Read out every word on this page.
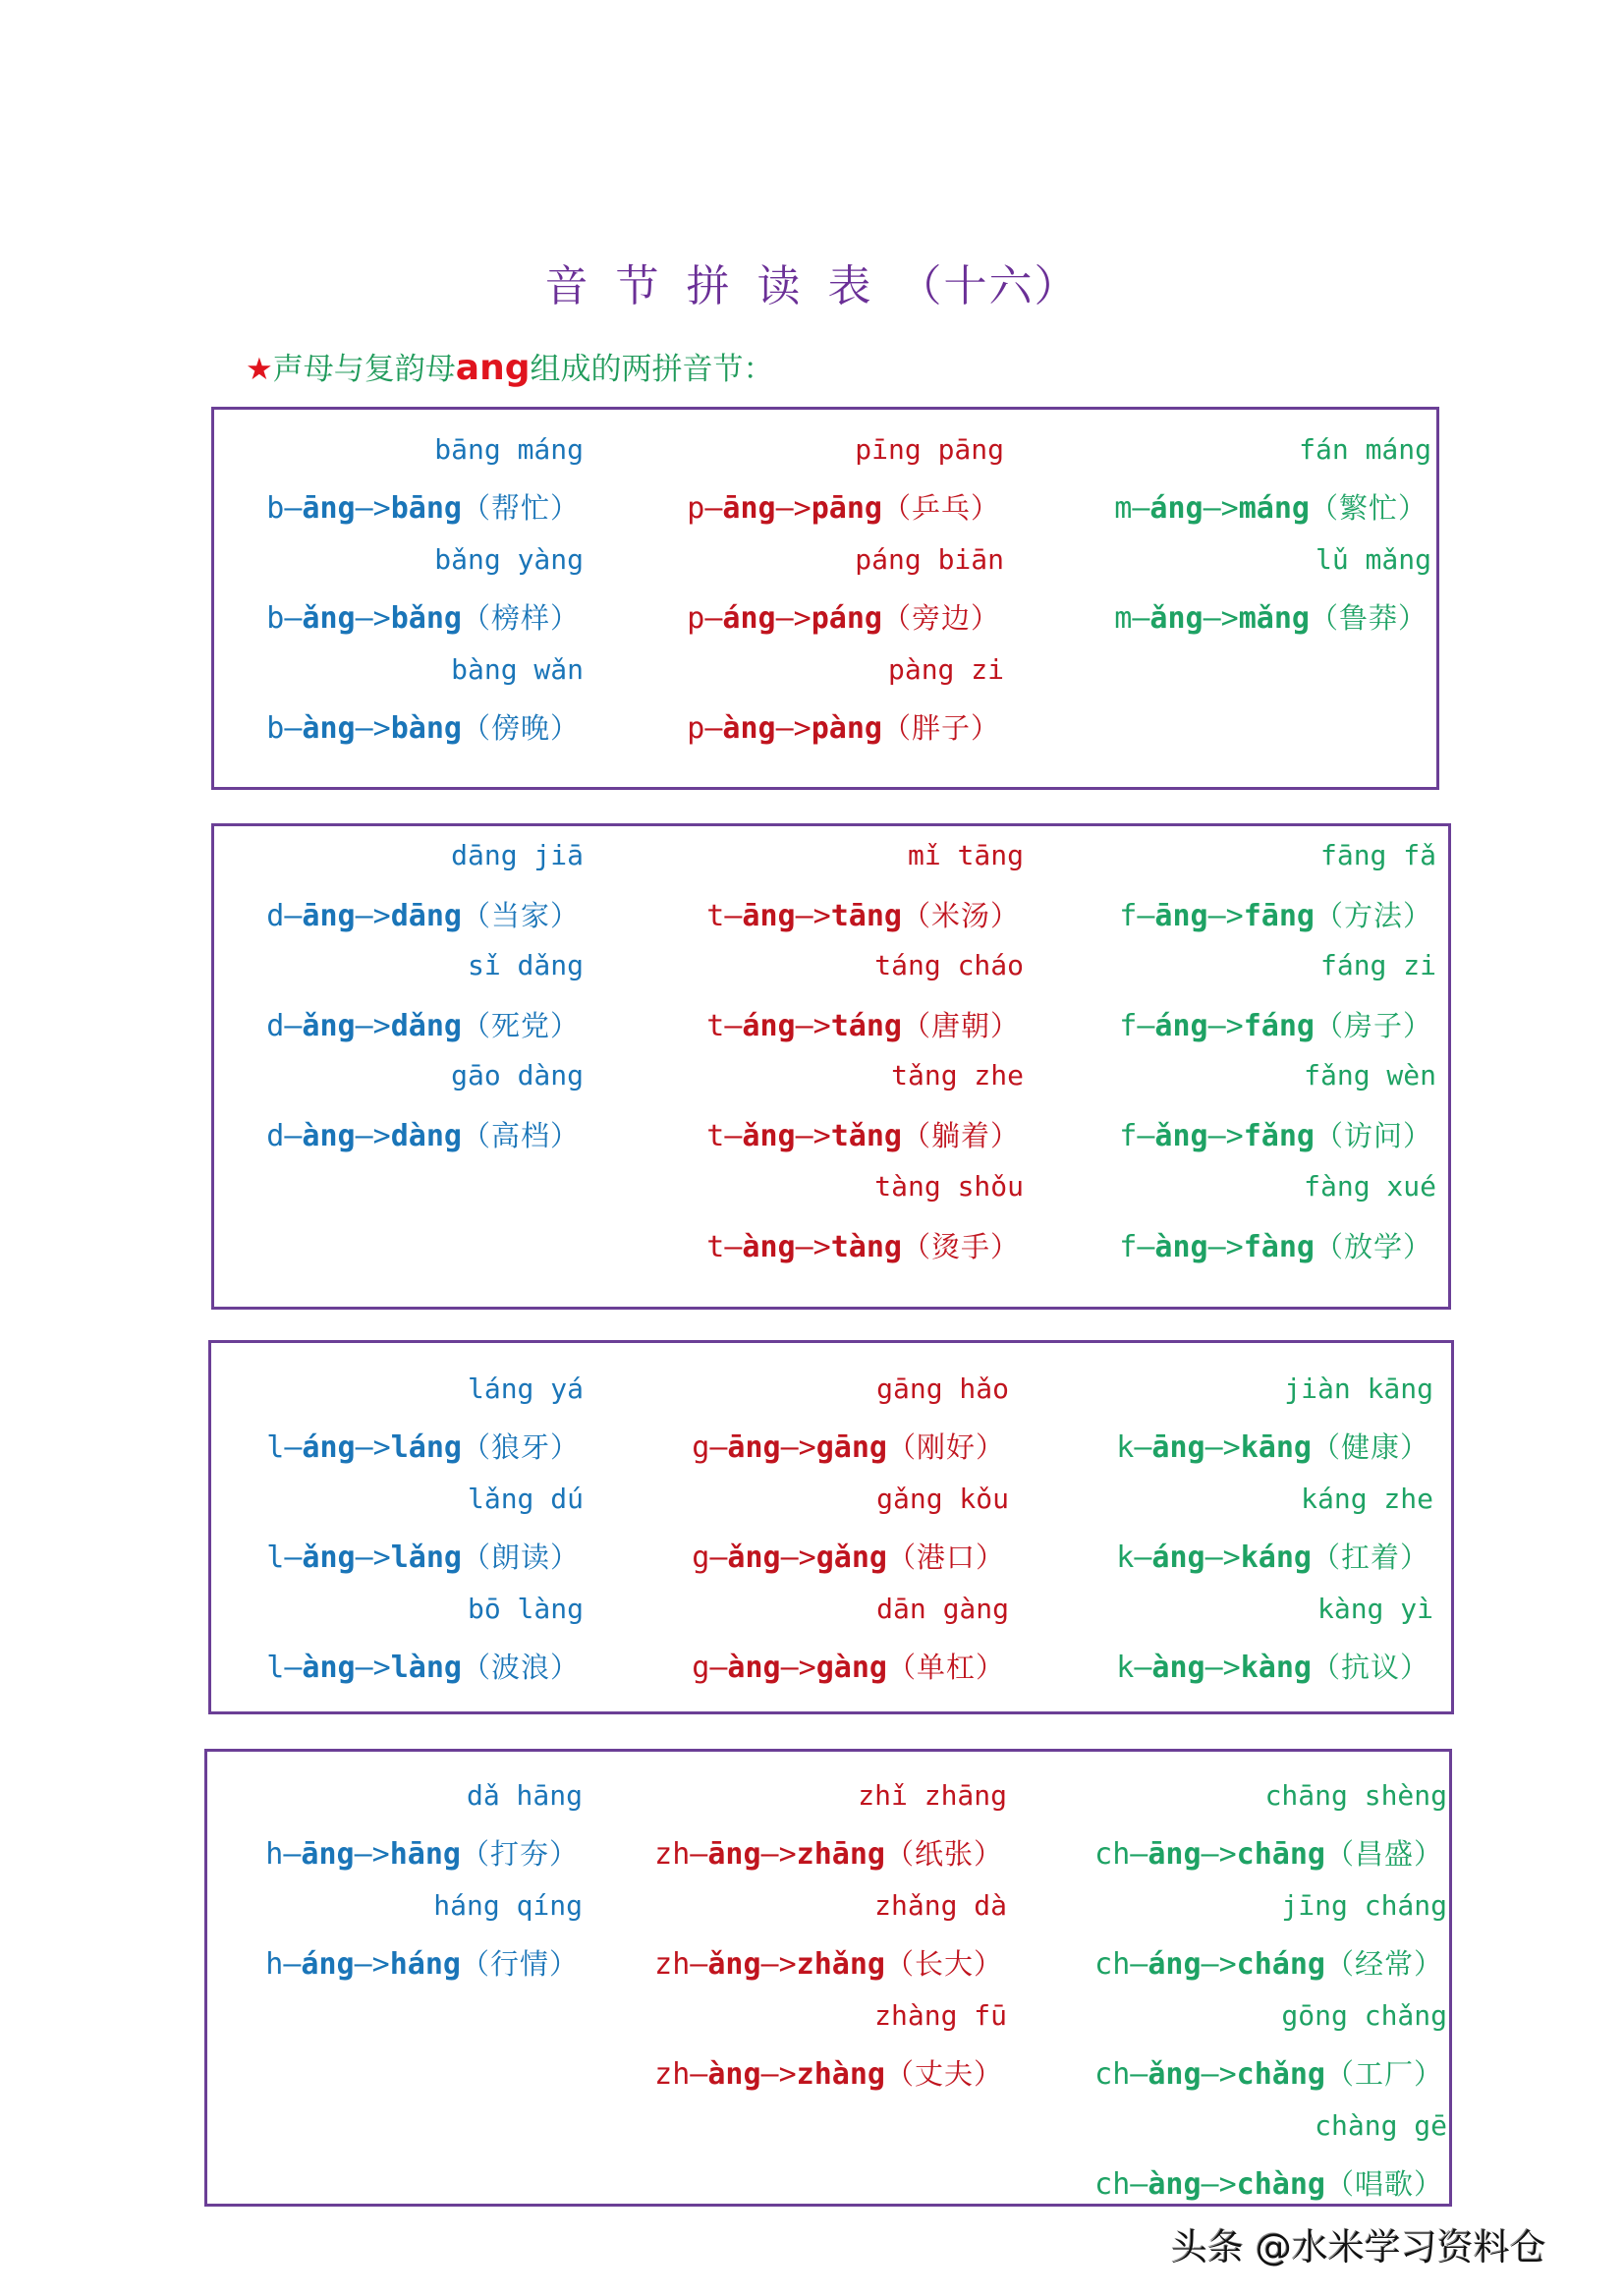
音节拼读表（十六）
★声母与复韵母ang组成的两拼音节：
bāng máng
b—āng—>bāng（帮忙）
bǎng yàng
b—ǎng—>bǎng（榜样）
bàng wǎn
b—àng—>bàng（傍晚）
pīng pāng
p—āng—>pāng（乒乓）
páng biān
p—áng—>páng（旁边）
pàng zi
p—àng—>pàng（胖子）
fán máng
m—áng—>máng（繁忙）
lǔ mǎng
m—ǎng—>mǎng（鲁莽）
dāng jiā
d—āng—>dāng（当家）
sǐ dǎng
d—ǎng—>dǎng（死党）
gāo dàng
d—àng—>dàng（高档）
mǐ tāng
t—āng—>tāng（米汤）
táng cháo
t—áng—>táng（唐朝）
tǎng zhe
t—ǎng—>tǎng（躺着）
tàng shǒu
t—àng—>tàng（烫手）
fāng fǎ
f—āng—>fāng（方法）
fáng zi
f—áng—>fáng（房子）
fǎng wèn
f—ǎng—>fǎng（访问）
fàng xué
f—àng—>fàng（放学）
láng yá
l—áng—>láng（狼牙）
lǎng dú
l—ǎng—>lǎng（朗读）
bō làng
l—àng—>làng（波浪）
gāng hǎo
g—āng—>gāng（刚好）
gǎng kǒu
g—ǎng—>gǎng（港口）
dān gàng
g—àng—>gàng（单杠）
jiàn kāng
k—āng—>kāng（健康）
káng zhe
k—áng—>káng（扛着）
kàng yì
k—àng—>kàng（抗议）
dǎ hāng
h—āng—>hāng（打夯）
háng qíng
h—áng—>háng（行情）
zhǐ zhāng
zh—āng—>zhāng（纸张）
zhǎng dà
zh—ǎng—>zhǎng（长大）
zhàng fū
zh—àng—>zhàng（丈夫）
chāng shèng
ch—āng—>chāng（昌盛）
jīng cháng
ch—áng—>cháng（经常）
gōng chǎng
ch—ǎng—>chǎng（工厂）
chàng gē
ch—àng—>chàng（唱歌）
头条 @水米学习资料仓
